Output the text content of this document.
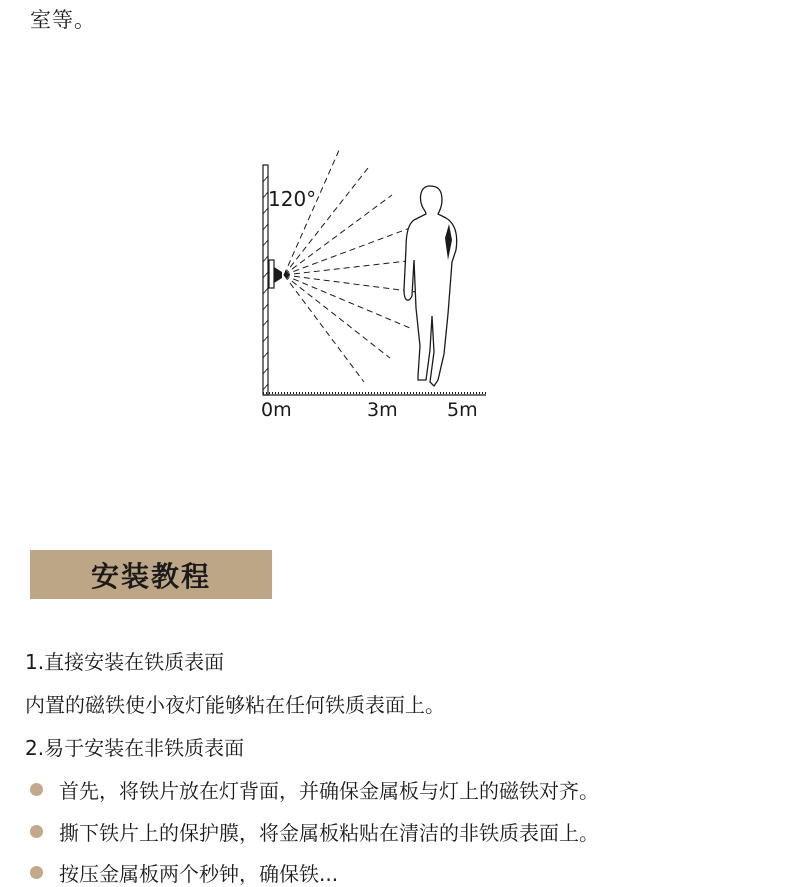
室等。
120°
0m	3m	5m
安装教程
1.直接安装在铁质表面
内置的磁铁使小夜灯能够粘在任何铁质表面上。
2.易于安装在非铁质表面
首先，将铁片放在灯背面，并确保金属板与灯上的磁铁对齐。
撕下铁片上的保护膜，将金属板粘贴在清洁的非铁质表面上。
按压金属板两个秒钟，确保铁...
